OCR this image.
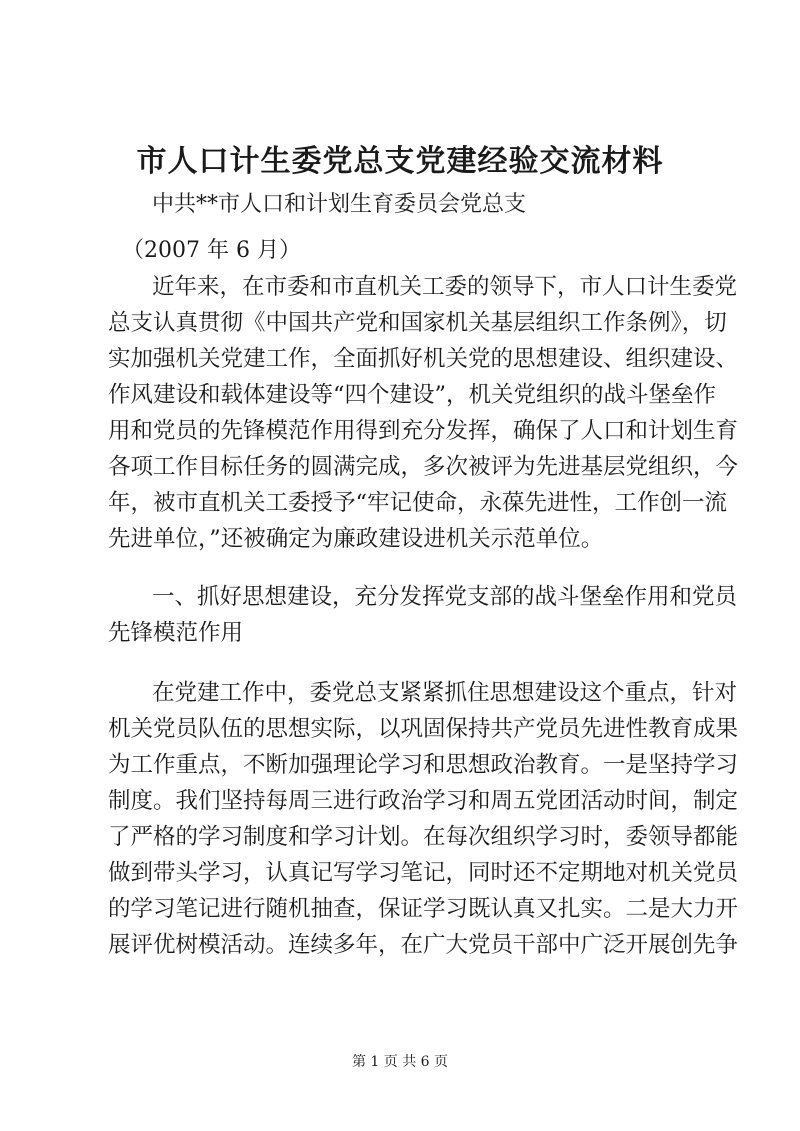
市人口计生委党总支党建经验交流材料
中共**市人口和计划生育委员会党总支
（2007 年 6 月）
近年来，在市委和市直机关工委的领导下，市人口计生委党
总支认真贯彻《中国共产党和国家机关基层组织工作条例》，切
实加强机关党建工作，全面抓好机关党的思想建设、组织建设、
作风建设和载体建设等“四个建设”，机关党组织的战斗堡垒作
用和党员的先锋模范作用得到充分发挥，确保了人口和计划生育
各项工作目标任务的圆满完成，多次被评为先进基层党组织，今
年，被市直机关工委授予“牢记使命，永葆先进性，工作创一流
先进单位，”还被确定为廉政建设进机关示范单位。
一、抓好思想建设，充分发挥党支部的战斗堡垒作用和党员
先锋模范作用
在党建工作中，委党总支紧紧抓住思想建设这个重点，针对
机关党员队伍的思想实际，以巩固保持共产党员先进性教育成果
为工作重点，不断加强理论学习和思想政治教育。一是坚持学习
制度。我们坚持每周三进行政治学习和周五党团活动时间，制定
了严格的学习制度和学习计划。在每次组织学习时，委领导都能
做到带头学习，认真记写学习笔记，同时还不定期地对机关党员
的学习笔记进行随机抽查，保证学习既认真又扎实。二是大力开
展评优树模活动。连续多年，在广大党员干部中广泛开展创先争
第 1 页 共 6 页
